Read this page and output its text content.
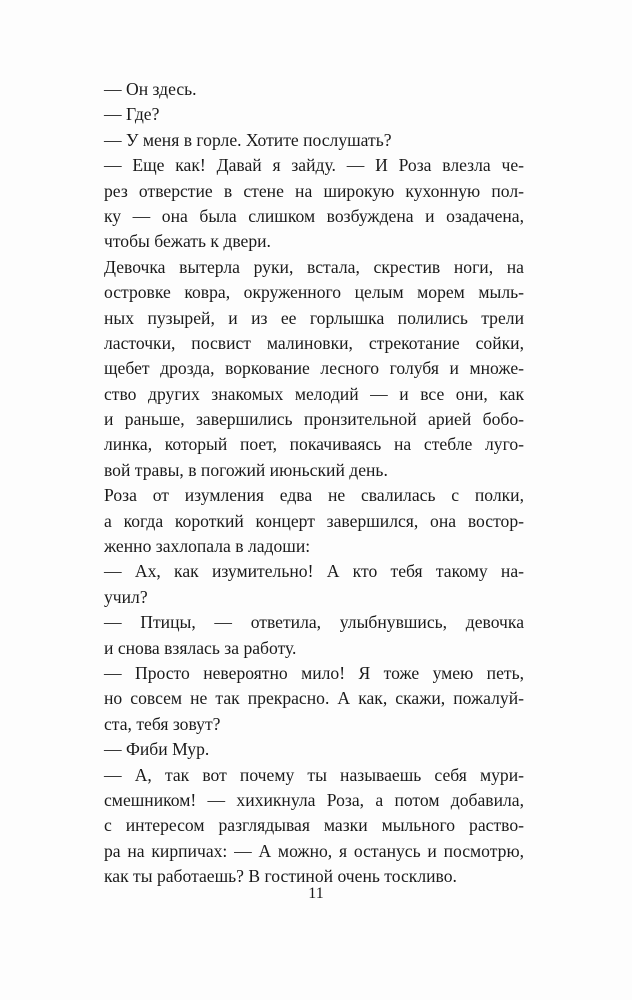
— Он здесь.
— Где?
— У меня в горле. Хотите послушать?
— Еще как! Давай я зайду. — И Роза влезла че-
рез отверстие в стене на широкую кухонную пол-
ку — она была слишком возбуждена и озадачена,
чтобы бежать к двери.
Девочка вытерла руки, встала, скрестив ноги, на
островке ковра, окруженного целым морем мыль-
ных пузырей, и из ее горлышка полились трели
ласточки, посвист малиновки, стрекотание сойки,
щебет дрозда, воркование лесного голубя и множе-
ство других знакомых мелодий — и все они, как
и раньше, завершились пронзительной арией бобо-
линка, который поет, покачиваясь на стебле луго-
вой травы, в погожий июньский день.
Роза от изумления едва не свалилась с полки,
а когда короткий концерт завершился, она востор-
женно захлопала в ладоши:
— Ах, как изумительно! А кто тебя такому на-
учил?
— Птицы, — ответила, улыбнувшись, девочка
и снова взялась за работу.
— Просто невероятно мило! Я тоже умею петь,
но совсем не так прекрасно. А как, скажи, пожалуй-
ста, тебя зовут?
— Фиби Мур.
— А, так вот почему ты называешь себя мури-
смешником! — хихикнула Роза, а потом добавила,
с интересом разглядывая мазки мыльного раство-
ра на кирпичах: — А можно, я останусь и посмотрю,
как ты работаешь? В гостиной очень тоскливо.
11
